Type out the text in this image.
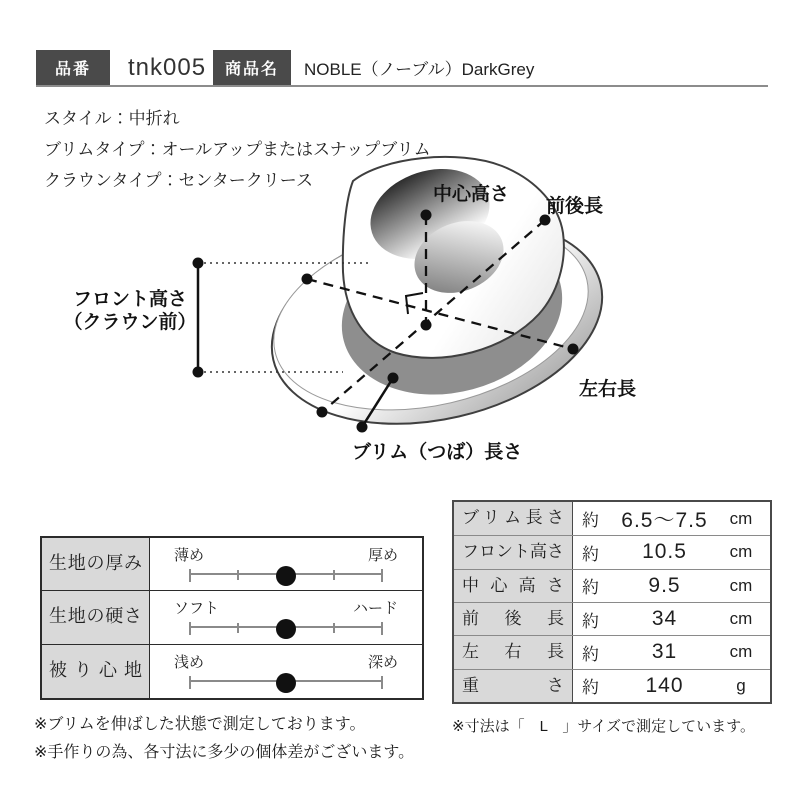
品番	tnk005	商品名	NOBLE（ノーブル）DarkGrey
スタイル：中折れ
ブリムタイプ：オールアップまたはスナップブリム
クラウンタイプ：センタークリース
中心高さ
前後長
フロント高さ
（クラウン前）
左右長
ブリム（つば）長さ
生地の厚み	薄め	厚め
生地の硬さ	ソフト	ハード
被り心地	浅め	深め
ブリム長さ	約	6.5～7.5	cm
フロント高さ	約	10.5	cm
中心高さ	約	9.5	cm
前後長	約	34	cm
左右長	約	31	cm
重さ	約	140	g
※ブリムを伸ばした状態で測定しております。
※手作りの為、各寸法に多少の個体差がございます。
※寸法は「　L　」サイズで測定しています。
